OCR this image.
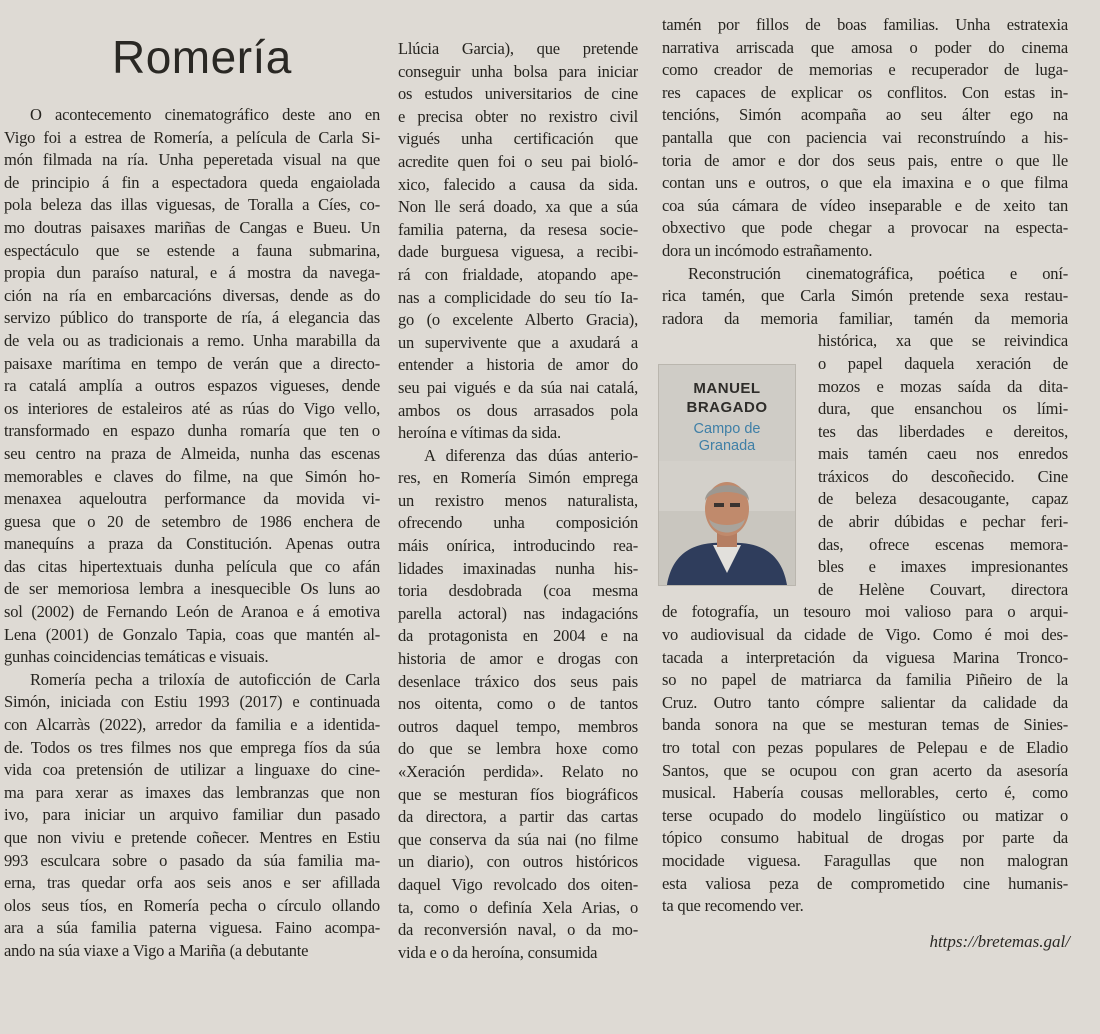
Romería
O acontecemento cinematográfico deste ano en
Vigo foi a estrea de Romería, a película de Carla Si-
món filmada na ría. Unha peperetada visual na que
de principio á fin a espectadora queda engaiolada
pola beleza das illas viguesas, de Toralla a Cíes, co-
mo doutras paisaxes mariñas de Cangas e Bueu. Un
espectáculo que se estende a fauna submarina,
propia dun paraíso natural, e á mostra da navega-
ción na ría en embarcacións diversas, dende as do
servizo público do transporte de ría, á elegancia das
de vela ou as tradicionais a remo. Unha marabilla da
paisaxe marítima en tempo de verán que a directo-
ra catalá amplía a outros espazos vigueses, dende
os interiores de estaleiros até as rúas do Vigo vello,
transformado en espazo dunha romaría que ten o
seu centro na praza de Almeida, nunha das escenas
memorables e claves do filme, na que Simón ho-
menaxea aqueloutra performance da movida vi-
guesa que o 20 de setembro de 1986 enchera de
manequíns a praza da Constitución. Apenas outra
das citas hipertextuais dunha película que co afán
de ser memoriosa lembra a inesquecible Os luns ao
sol (2002) de Fernando León de Aranoa e á emotiva
Lena (2001) de Gonzalo Tapia, coas que mantén al-
gunhas coincidencias temáticas e visuais.
Romería pecha a triloxía de autoficción de Carla
Simón, iniciada con Estiu 1993 (2017) e continuada
con Alcarràs (2022), arredor da familia e a identida-
de. Todos os tres filmes nos que emprega fíos da súa
vida coa pretensión de utilizar a linguaxe do cine-
ma para xerar as imaxes das lembranzas que non
ivo, para iniciar un arquivo familiar dun pasado
que non viviu e pretende coñecer. Mentres en Estiu
993 esculcara sobre o pasado da súa familia ma-
erna, tras quedar orfa aos seis anos e ser afillada
olos seus tíos, en Romería pecha o círculo ollando
ara a súa familia paterna viguesa. Faino acompa-
ando na súa viaxe a Vigo a Mariña (a debutante
Llúcia Garcia), que pretende
conseguir unha bolsa para iniciar
os estudos universitarios de cine
e precisa obter no rexistro civil
vigués unha certificación que
acredite quen foi o seu pai bioló-
xico, falecido a causa da sida.
Non lle será doado, xa que a súa
familia paterna, da resesa socie-
dade burguesa viguesa, a recibi-
rá con frialdade, atopando ape-
nas a complicidade do seu tío Ia-
go (o excelente Alberto Gracia),
un supervivente que a axudará a
entender a historia de amor do
seu pai vigués e da súa nai catalá,
ambos os dous arrasados pola
heroína e vítimas da sida.
A diferenza das dúas anterio-
res, en Romería Simón emprega
un rexistro menos naturalista,
ofrecendo unha composición
máis onírica, introducindo rea-
lidades imaxinadas nunha his-
toria desdobrada (coa mesma
parella actoral) nas indagacións
da protagonista en 2004 e na
historia de amor e drogas con
desenlace tráxico dos seus pais
nos oitenta, como o de tantos
outros daquel tempo, membros
do que se lembra hoxe como
«Xeración perdida». Relato no
que se mesturan fíos biográficos
da directora, a partir das cartas
que conserva da súa nai (no filme
un diario), con outros históricos
daquel Vigo revolcado dos oiten-
ta, como o definía Xela Arias, o
da reconversión naval, o da mo-
vida e o da heroína, consumida
tamén por fillos de boas familias. Unha estratexia
narrativa arriscada que amosa o poder do cinema
como creador de memorias e recuperador de luga-
res capaces de explicar os conflitos. Con estas in-
tencións, Simón acompaña ao seu álter ego na
pantalla que con paciencia vai reconstruíndo a his-
toria de amor e dor dos seus pais, entre o que lle
contan uns e outros, o que ela imaxina e o que filma
coa súa cámara de vídeo inseparable e de xeito tan
obxectivo que pode chegar a provocar na especta-
dora un incómodo estrañamento.
Reconstrución cinematográfica, poética e oní-
rica tamén, que Carla Simón pretende sexa restau-
radora da memoria familiar, tamén da memoria
histórica, xa que se reivindica
o papel daquela xeración de
mozos e mozas saída da dita-
dura, que ensanchou os lími-
tes das liberdades e dereitos,
mais tamén caeu nos enredos
tráxicos do descoñecido. Cine
de beleza desacougante, capaz
de abrir dúbidas e pechar feri-
das, ofrece escenas memora-
bles e imaxes impresionantes
de Helène Couvart, directora
de fotografía, un tesouro moi valioso para o arqui-
vo audiovisual da cidade de Vigo. Como é moi des-
tacada a interpretación da viguesa Marina Tronco-
so no papel de matriarca da familia Piñeiro de la
Cruz. Outro tanto cómpre salientar da calidade da
banda sonora na que se mesturan temas de Sinies-
tro total con pezas populares de Pelepau e de Eladio
Santos, que se ocupou con gran acerto da asesoría
musical. Habería cousas mellorables, certo é, como
terse ocupado do modelo lingüístico ou matizar o
tópico consumo habitual de drogas por parte da
mocidade viguesa. Faragullas que non malogran
esta valiosa peza de comprometido cine humanis-
ta que recomendo ver.
MANUEL
BRAGADO
Campo de
Granada
https://bretemas.gal/
